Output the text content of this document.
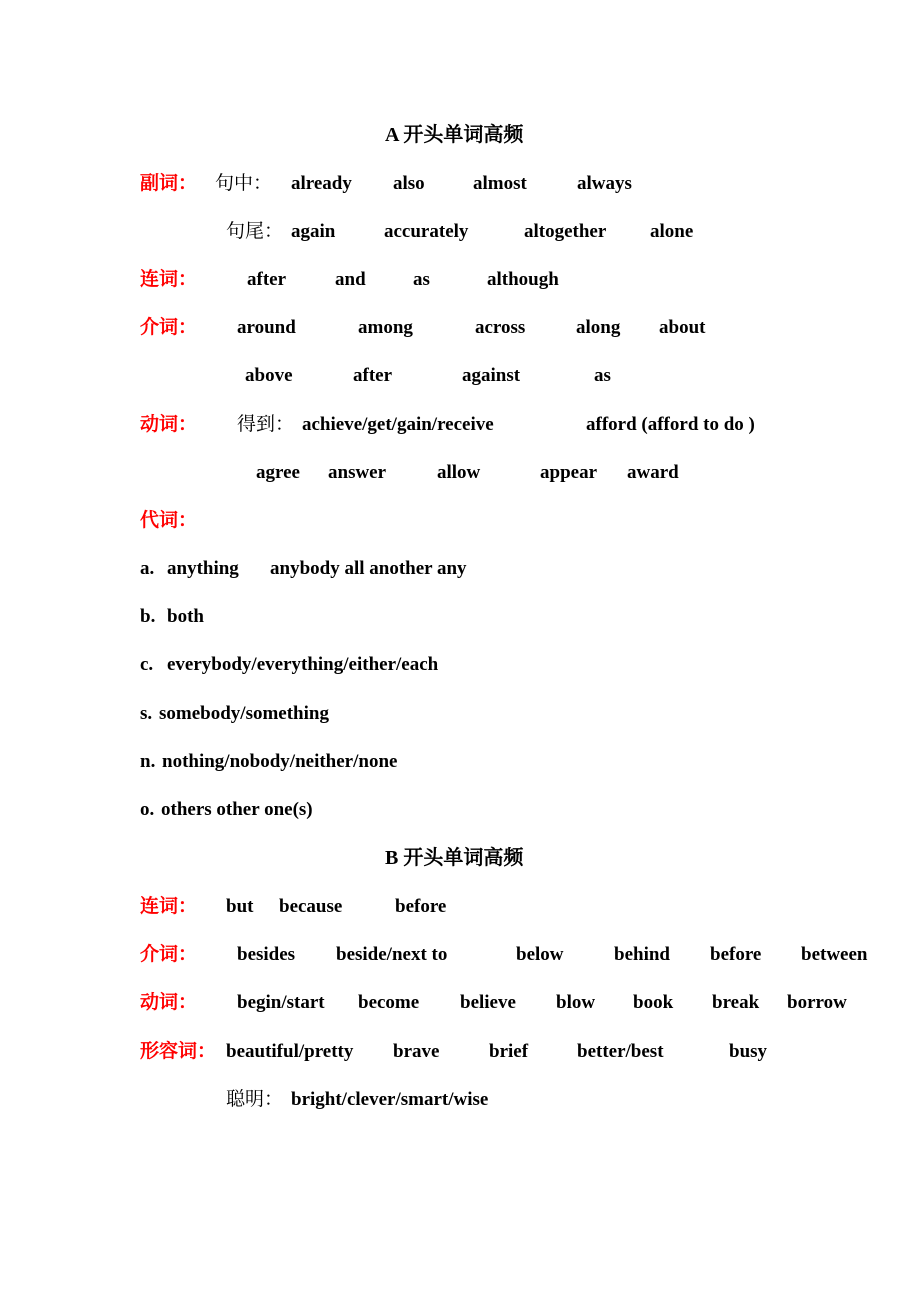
A 开头单词高频
副词： 句中： already also	almost	always
句尾： again	accurately	altogether alone
连词：	after	and as	although
介词： around	among	across	along about
above	after	against	as
动词： 得到： achieve/get/gain/receive	afford (afford to do )
agree answer	allow	appear award
代词：
a. anything anybody all another any
b. both
c. everybody/everything/either/each
s. somebody/something
n. nothing/nobody/neither/none
o. others other one(s)
B 开头单词高频
连词： but because	before
介词： besides beside/next to	below	behind before between
动词： begin/start become believe blow book break borrow
形容词： beautiful/pretty brave	brief	better/best	busy
聪明： bright/clever/smart/wise
